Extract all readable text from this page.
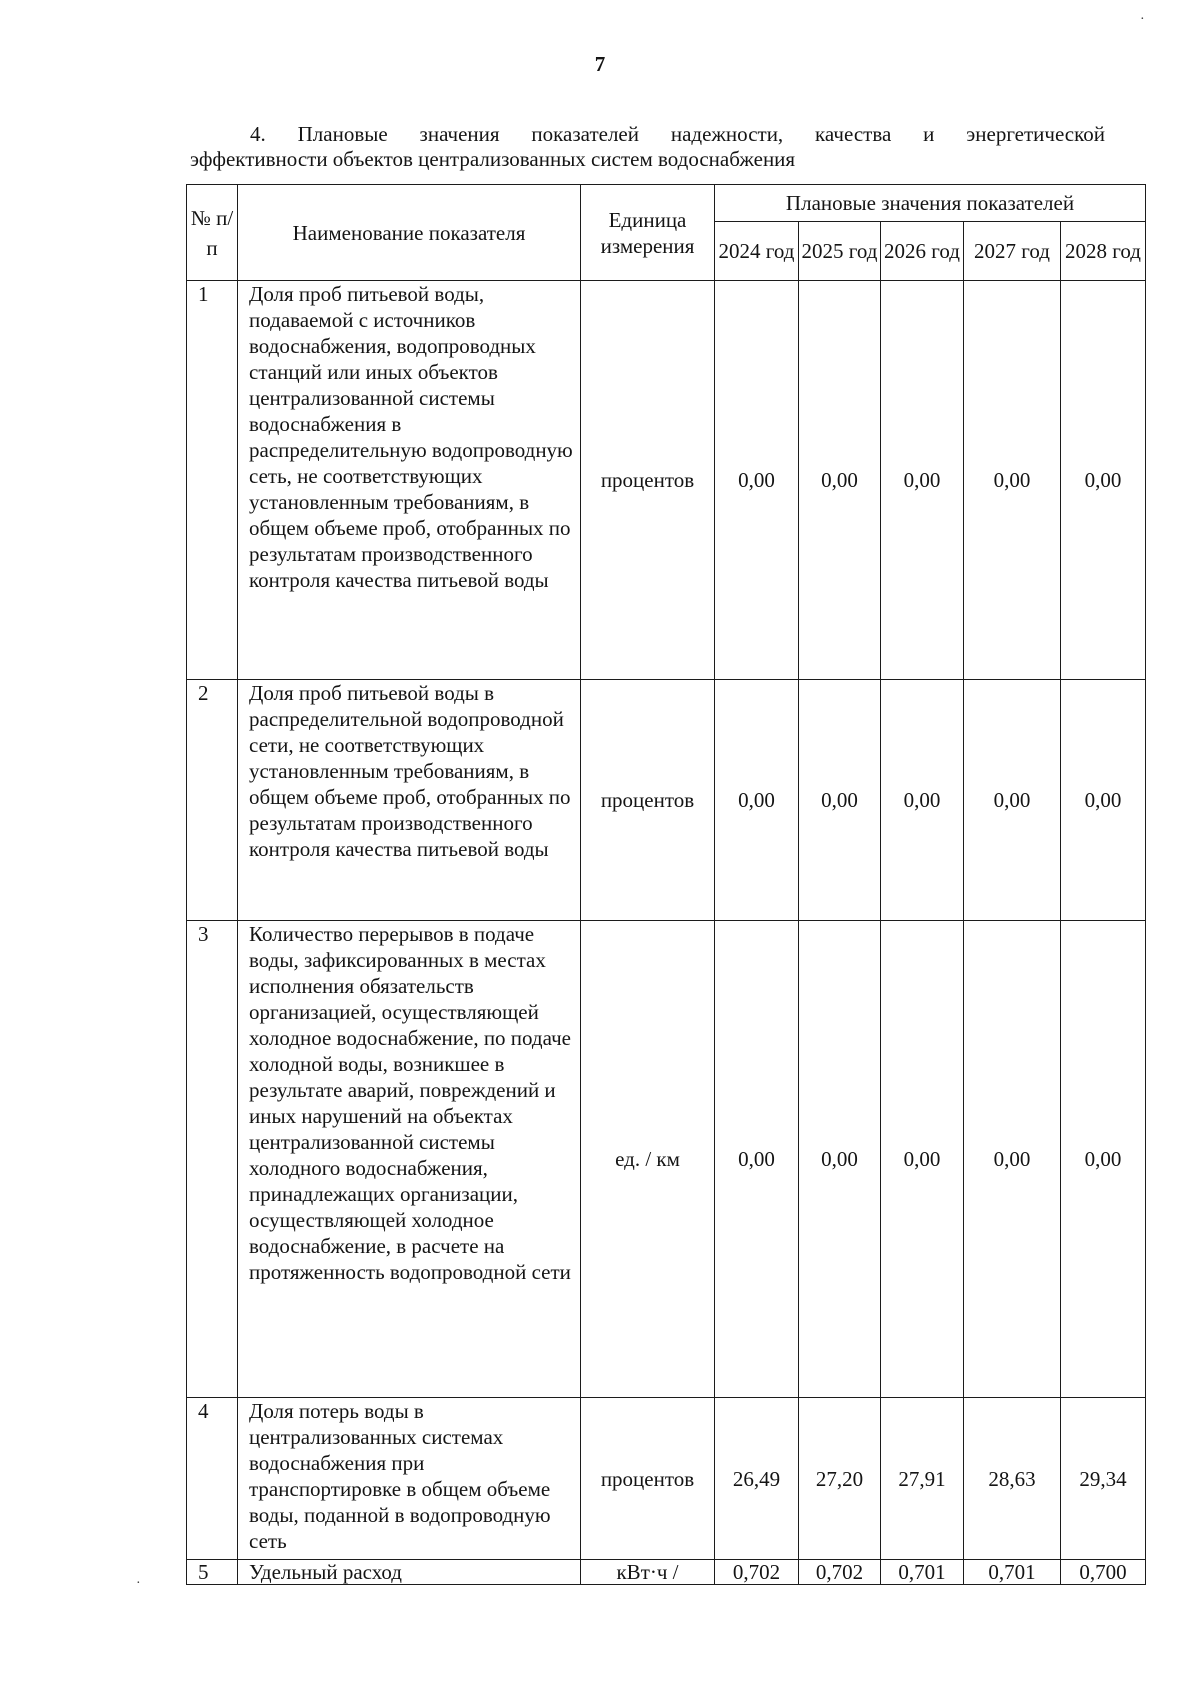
7
4. Плановые значения показателей надежности, качества и энергетической
эффективности объектов централизованных систем водоснабжения
№ п/п	Наименование показателя	Единица измерения	Плановые значения показателей				
			2024 год	2025 год	2026 год	2027 год	2028 год
1	Доля проб питьевой воды, подаваемой с источников водоснабжения, водопроводных станций или иных объектов централизованной системы водоснабжения в распределительную водопроводную сеть, не соответствующих установленным требованиям, в общем объеме проб, отобранных по результатам производственного контроля качества питьевой воды	процентов	0,00	0,00	0,00	0,00	0,00
2	Доля проб питьевой воды в распределительной водопроводной сети, не соответствующих установленным требованиям, в общем объеме проб, отобранных по результатам производственного контроля качества питьевой воды	процентов	0,00	0,00	0,00	0,00	0,00
3	Количество перерывов в подаче воды, зафиксированных в местах исполнения обязательств организацией, осуществляющей холодное водоснабжение, по подаче холодной воды, возникшее в результате аварий, повреждений и иных нарушений на объектах централизованной системы холодного водоснабжения, принадлежащих организации, осуществляющей холодное водоснабжение, в расчете на протяженность водопроводной сети	ед. / км	0,00	0,00	0,00	0,00	0,00
4	Доля потерь воды в централизованных системах водоснабжения при транспортировке в общем объеме воды, поданной в водопроводную сеть	процентов	26,49	27,20	27,91	28,63	29,34
5	Удельный расход	кВт·ч /	0,702	0,702	0,701	0,701	0,700
·
·
